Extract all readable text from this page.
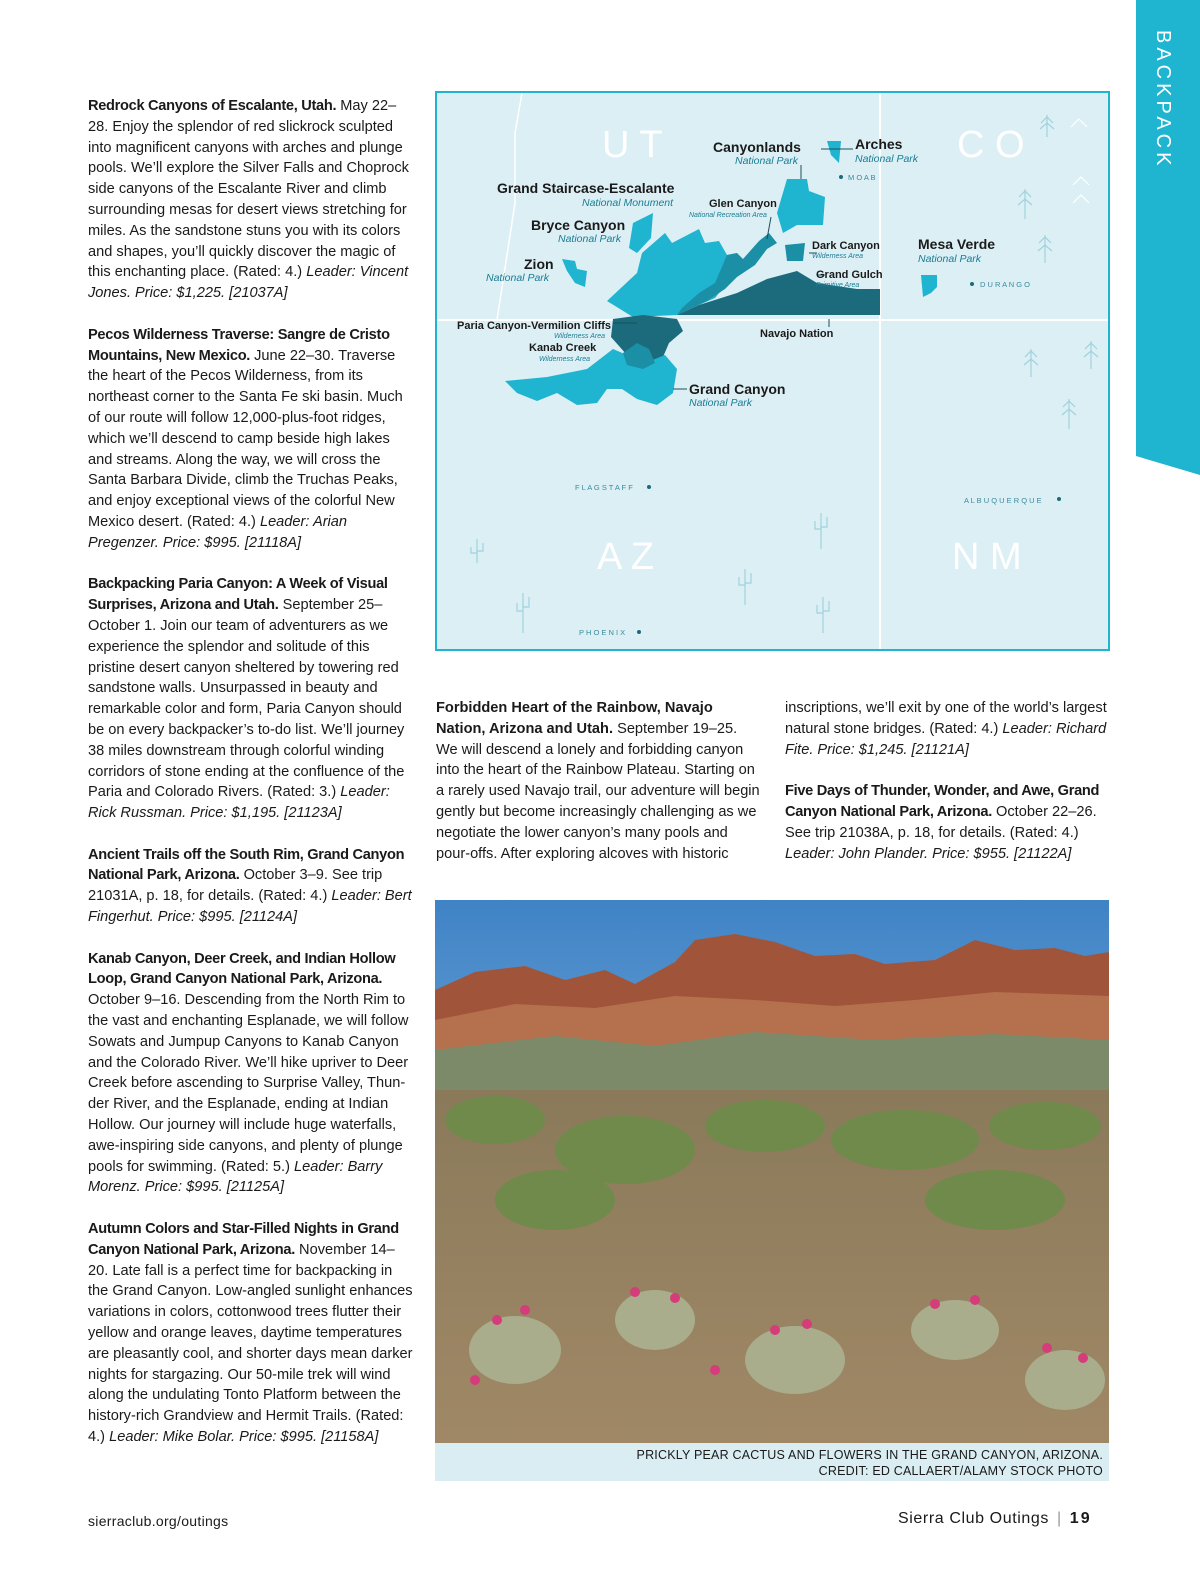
BACKPACK

Redrock Canyons of Escalante, Utah. May 22–28. Enjoy the splendor of red slickrock sculpted into magnificent canyons with arches and plunge pools. We’ll explore the Silver Falls and Choprock side canyons of the Escalante River and climb surrounding mesas for desert views stretching for miles. As the sandstone stuns you with its colors and shapes, you’ll quickly discover the magic of this enchanting place. (Rated: 4.) Leader: Vincent Jones. Price: $1,225. [21037A]

Pecos Wilderness Traverse: Sangre de Cristo Mountains, New Mexico. June 22–30. Traverse the heart of the Pecos Wilderness, from its northeast corner to the Santa Fe ski basin. Much of our route will follow 12,000-plus-foot ridges, which we’ll descend to camp beside high lakes and streams. Along the way, we will cross the Santa Barbara Divide, climb the Truchas Peaks, and enjoy exceptional views of the colorful New Mexico desert. (Rated: 4.) Leader: Arian Pregenzer. Price: $995. [21118A]

Backpacking Paria Canyon: A Week of Visual Surprises, Arizona and Utah. September 25–October 1. Join our team of adventurers as we experience the splendor and solitude of this pristine desert canyon sheltered by towering red sandstone walls. Unsurpassed in beauty and remarkable color and form, Paria Canyon should be on every backpacker’s to-do list. We’ll journey 38 miles downstream through colorful winding corridors of stone ending at the confluence of the Paria and Colorado Rivers. (Rated: 3.) Leader: Rick Russman. Price: $1,195. [21123A]

Ancient Trails off the South Rim, Grand Canyon National Park, Arizona. October 3–9. See trip 21031A, p. 18, for details. (Rated: 4.) Leader: Bert Fingerhut. Price: $995. [21124A]

Kanab Canyon, Deer Creek, and Indian Hollow Loop, Grand Canyon National Park, Arizona. October 9–16. Descending from the North Rim to the vast and enchanting Esplanade, we will follow Sowats and Jumpup Canyons to Kanab Canyon and the Colorado River. We’ll hike upriver to Deer Creek before ascending to Surprise Valley, Thunder River, and the Esplanade, ending at Indian Hollow. Our journey will include huge waterfalls, awe-inspiring side canyons, and plenty of plunge pools for swimming. (Rated: 5.) Leader: Barry Morenz. Price: $995. [21125A]

Autumn Colors and Star-Filled Nights in Grand Canyon National Park, Arizona. November 14–20. Late fall is a perfect time for backpacking in the Grand Canyon. Low-angled sunlight enhances variations in colors, cottonwood trees flutter their yellow and orange leaves, daytime temperatures are pleasantly cool, and shorter days mean darker nights for stargazing. Our 50-mile trek will wind along the undulating Tonto Platform between the history-rich Grandview and Hermit Trails. (Rated: 4.) Leader: Mike Bolar. Price: $995. [21158A]

U T	C O
A Z	N M
Canyonlands
National Park
Arches
National Park
Grand Staircase-Escalante
National Monument	Glen Canyon
National Recreation Area
Bryce Canyon
National Park
Zion
National Park
Dark Canyon
Wilderness Area
Grand Gulch
Primitive Area
Mesa Verde
National Park
Paria Canyon-Vermilion Cliffs
Wilderness Area
Kanab Creek
Wilderness Area
Navajo Nation
Grand Canyon
National Park
M O A B
D U R A N G O
F L A G S T A F F
A L B U Q U E R Q U E
P H O E N I X

Forbidden Heart of the Rainbow, Navajo Nation, Arizona and Utah. September 19–25. We will descend a lonely and forbidding canyon into the heart of the Rainbow Plateau. Starting on a rarely used Navajo trail, our adventure will begin gently but become increasingly challenging as we negotiate the lower canyon’s many pools and pour-offs. After exploring alcoves with historic

inscriptions, we’ll exit by one of the world’s largest natural stone bridges. (Rated: 4.) Leader: Richard Fite. Price: $1,245. [21121A]

Five Days of Thunder, Wonder, and Awe, Grand Canyon National Park, Arizona. October 22–26. See trip 21038A, p. 18, for details. (Rated: 4.) Leader: John Plander. Price: $955. [21122A]

PRICKLY PEAR CACTUS AND FLOWERS IN THE GRAND CANYON, ARIZONA.
CREDIT: ED CALLAERT/ALAMY STOCK PHOTO
sierraclub.org/outings	Sierra Club Outings | 19
